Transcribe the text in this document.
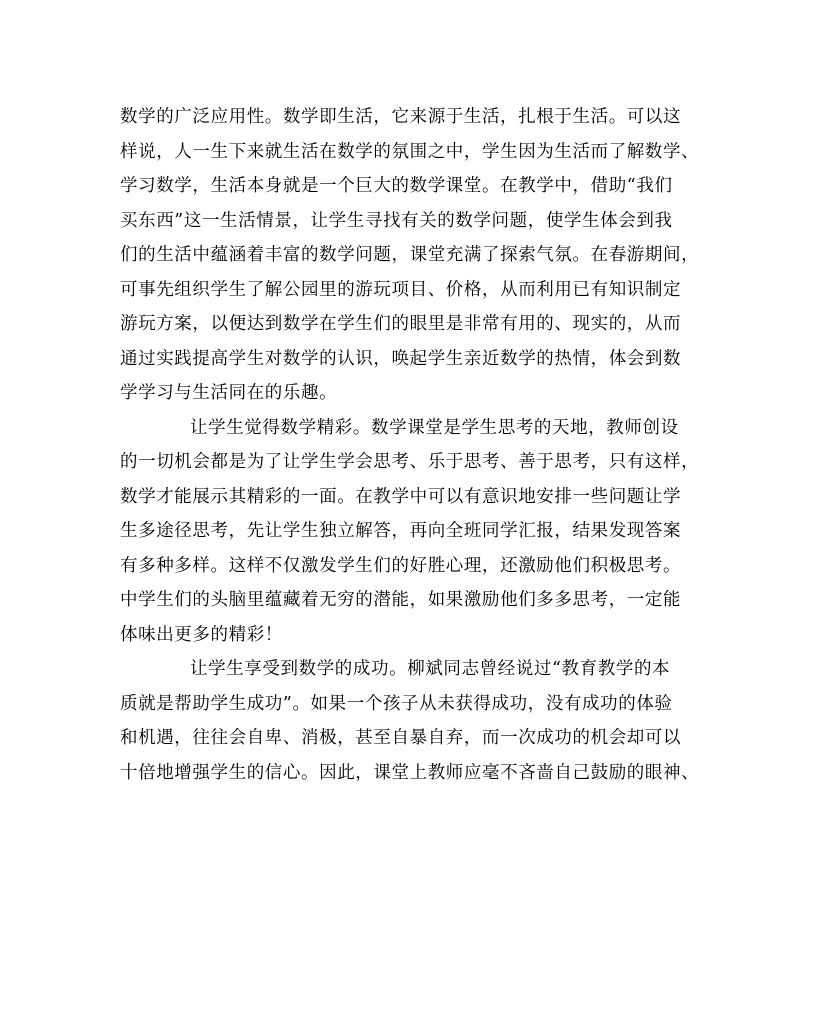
数学的广泛应用性。数学即生活，它来源于生活，扎根于生活。可以这
样说，人一生下来就生活在数学的氛围之中，学生因为生活而了解数学、
学习数学，生活本身就是一个巨大的数学课堂。在教学中，借助“我们
买东西”这一生活情景，让学生寻找有关的数学问题，使学生体会到我
们的生活中蕴涵着丰富的数学问题，课堂充满了探索气氛。在春游期间，
可事先组织学生了解公园里的游玩项目、价格，从而利用已有知识制定
游玩方案，以便达到数学在学生们的眼里是非常有用的、现实的，从而
通过实践提高学生对数学的认识，唤起学生亲近数学的热情，体会到数
学学习与生活同在的乐趣。
让学生觉得数学精彩。数学课堂是学生思考的天地，教师创设
的一切机会都是为了让学生学会思考、乐于思考、善于思考，只有这样，
数学才能展示其精彩的一面。在教学中可以有意识地安排一些问题让学
生多途径思考，先让学生独立解答，再向全班同学汇报，结果发现答案
有多种多样。这样不仅激发学生们的好胜心理，还激励他们积极思考。
中学生们的头脑里蕴藏着无穷的潜能，如果激励他们多多思考，一定能
体味出更多的精彩！
让学生享受到数学的成功。柳斌同志曾经说过“教育教学的本
质就是帮助学生成功”。如果一个孩子从未获得成功，没有成功的体验
和机遇，往往会自卑、消极，甚至自暴自弃，而一次成功的机会却可以
十倍地增强学生的信心。因此，课堂上教师应毫不吝啬自己鼓励的眼神、
